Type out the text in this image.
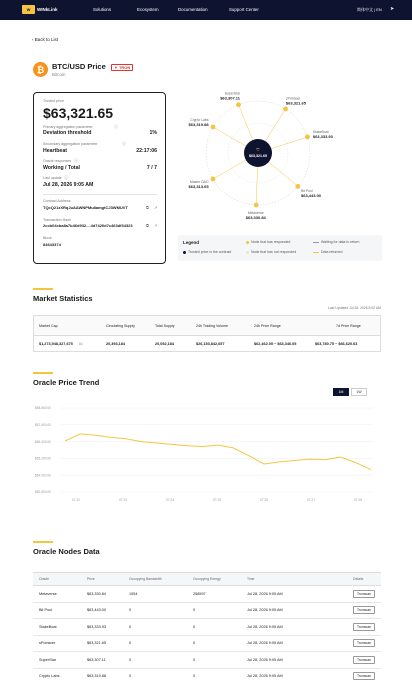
W	WINkLink	Solutions	Ecosystem	Documentation	Support Center	简体中文 | EN ➤
‹ Back to List
₿	BTC/USD Price ▼ TRON
Bitcoin
Trusted price
$63,321.65
Primary aggregation parameter	ⓘ
Deviation threshold	1%
Secondary aggregation parameter	ⓘ
Heartbeat	22:17:06
Oracle responses ⓘ
Working / Total	7 / 7
Last update ⓘ
Jul 28, 2026 9:05 AM
Contract Address
TQcQ21zXRqJuAAWNPMu8amgtCJ3WMUVT	⧉ ↗
Transaction Hash
2ccb04cba8a7b46d932....4d7420d7c463df34323	⧉ ↗
Block
84643374
⛉
$63,321.65
SuperStar
$63,307.11	sPotracer
$63,321.65
StakeBoat
$63,333.93
Bit Pool
$63,443.00
Metaverse
$63,330.84
Master DAO
$63,313.65
Crypto Labs
$63,319.88
Legend
Trusted price in the contract
Node that has responded
Node that has not responded
Waiting for data to return
Data returned
Market Statistics
Last Updated Jul 28, 2026 8:02 AM
Market Cap	Circulating Supply	Total Supply	24h Trading Volume	24h Price Range	7d Price Range
$1,273,948,327,675 #1	20,393,184	20,052,184	$26,153,842,657	$62,462.05 ~ $63,346.05	$63,780.75 ~ $66,620.63
Oracle Price Trend
1M	1W
$68,800.00
$67,600.00
$66,400.00
$65,200.00
$64,000.00
$62,800.00
07.22	07.23	07.24	07.25	07.26	07.27	07.28
Oracle Nodes Data
Oracle	Price	Occupying Bandwidth	Occupying Energy	Time	Details
Metaverse	$63,330.84	1054	258597	Jul 28, 2026 9:05 AM	Tronscan
Bit Pool	$63,443.00	0	0	Jul 28, 2026 9:05 AM	Tronscan
StakeBoat	$63,333.93	0	0	Jul 28, 2026 9:05 AM	Tronscan
sPotracer	$63,321.65	0	0	Jul 28, 2026 9:05 AM	Tronscan
SuperStar	$63,307.11	0	0	Jul 28, 2026 9:05 AM	Tronscan
Crypto Labs	$63,319.88	0	0	Jul 28, 2026 9:05 AM	Tronscan
